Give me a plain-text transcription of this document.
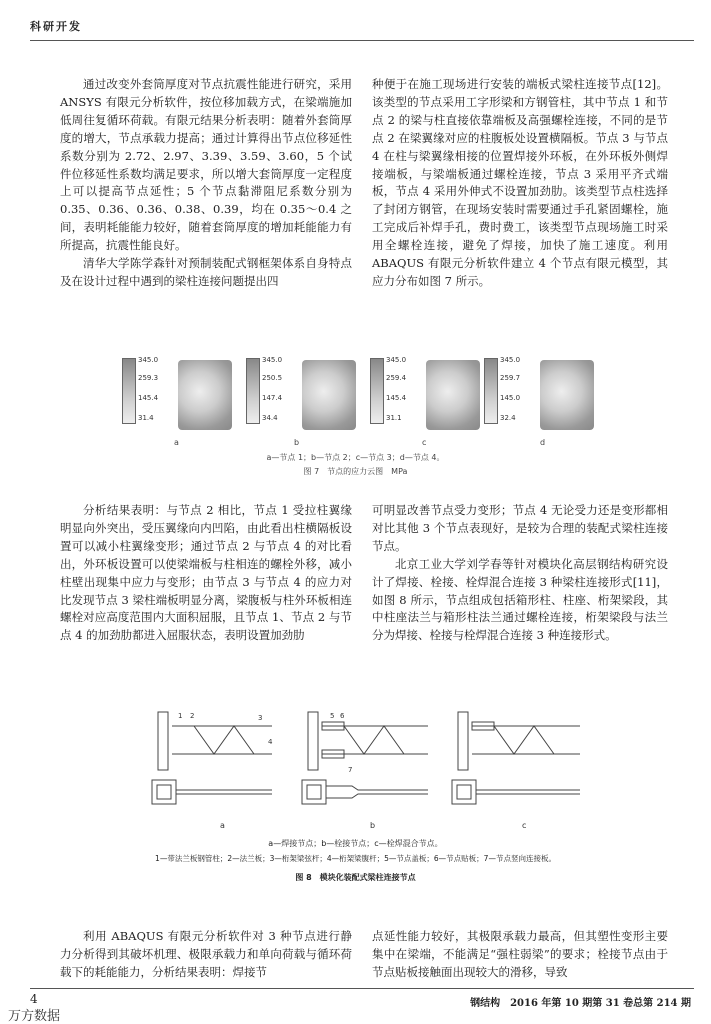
科研开发

通过改变外套筒厚度对节点抗震性能进行研究，采用 ANSYS 有限元分析软件，按位移加载方式，在梁端施加低周往复循环荷载。有限元结果分析表明：随着外套筒厚度的增大，节点承载力提高；通过计算得出节点位移延性系数分别为 2.72、2.97、3.39、3.59、3.60，5 个试件位移延性系数均满足要求，所以增大套筒厚度一定程度上可以提高节点延性；5 个节点黏滞阻尼系数分别为 0.35、0.36、0.36、0.38、0.39，均在 0.35～0.4 之间，表明耗能能力较好，随着套筒厚度的增加耗能能力有所提高，抗震性能良好。

清华大学陈学森针对预制装配式钢框架体系自身特点及在设计过程中遇到的梁柱连接问题提出四

种便于在施工现场进行安装的端板式梁柱连接节点[12]。该类型的节点采用工字形梁和方钢管柱，其中节点 1 和节点 2 的梁与柱直接依靠端板及高强螺栓连接，不同的是节点 2 在梁翼缘对应的柱腹板处设置横隔板。节点 3 与节点 4 在柱与梁翼缘相接的位置焊接外环板，在外环板外侧焊接端板，与梁端板通过螺栓连接，节点 3 采用平齐式端板，节点 4 采用外伸式不设置加劲肋。该类型节点柱选择了封闭方钢管，在现场安装时需要通过手孔紧固螺栓，施工完成后补焊手孔，费时费工，该类型节点现场施工时采用全螺栓连接，避免了焊接，加快了施工速度。利用 ABAQUS 有限元分析软件建立 4 个节点有限元模型，其应力分布如图 7 所示。

345.0
259.3
145.4
31.4
a
345.0
250.5
147.4
34.4
b
345.0
259.4
145.4
31.1
c
345.0
259.7
145.0
32.4
d
a—节点 1；b—节点 2；c—节点 3；d—节点 4。
图 7　节点的应力云图　MPa

分析结果表明：与节点 2 相比，节点 1 受拉柱翼缘明显向外突出，受压翼缘向内凹陷，由此看出柱横隔板设置可以减小柱翼缘变形；通过节点 2 与节点 4 的对比看出，外环板设置可以使梁端板与柱相连的螺栓外移，减小柱壁出现集中应力与变形；由节点 3 与节点 4 的应力对比发现节点 3 梁柱端板明显分离，梁腹板与柱外环板相连螺栓对应高度范围内大面积屈服，且节点 1、节点 2 与节点 4 的加劲肋都进入屈服状态，表明设置加劲肋

可明显改善节点受力变形；节点 4 无论受力还是变形都相对比其他 3 个节点表现好，是较为合理的装配式梁柱连接节点。

北京工业大学刘学春等针对模块化高层钢结构研究设计了焊接、栓接、栓焊混合连接 3 种梁柱连接形式[11]，如图 8 所示，节点组成包括箱形柱、柱座、桁架梁段，其中柱座法兰与箱形柱法兰通过螺栓连接，桁架梁段与法兰分为焊接、栓接与栓焊混合连接 3 种连接形式。

1 2	3
4
5 6
7
a	b	c
a—焊接节点；b—栓接节点；c—栓焊混合节点。
1—带法兰板钢管柱；2—法兰板；3—桁架梁弦杆；4—桁架梁腹杆；5—节点盖板；6—节点贴板；7—节点竖向连接板。
图 8　模块化装配式梁柱连接节点

利用 ABAQUS 有限元分析软件对 3 种节点进行静力分析得到其破坏机理、极限承载力和单向荷载与循环荷载下的耗能能力，分析结果表明：焊接节

点延性能力较好，其极限承载力最高，但其塑性变形主要集中在梁端，不能满足“强柱弱梁”的要求；栓接节点由于节点贴板接触面出现较大的滑移，导致

4	钢结构　2016 年第 10 期第 31 卷总第 214 期
万方数据
